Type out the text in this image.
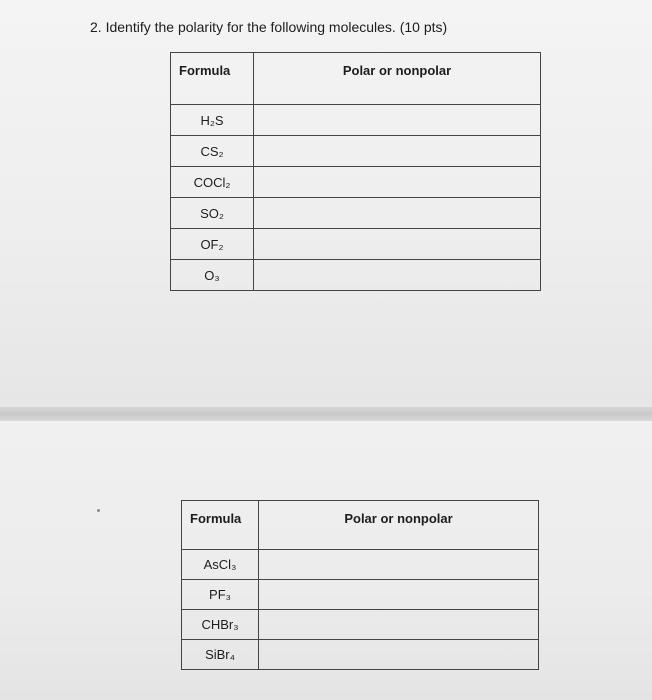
2. Identify the polarity for the following molecules. (10 pts)
Formula	Polar or nonpolar
H₂S	
CS₂	
COCl₂	
SO₂	
OF₂	
O₃	
Formula	Polar or nonpolar
AsCl₃	
PF₃	
CHBr₃	
SiBr₄	
